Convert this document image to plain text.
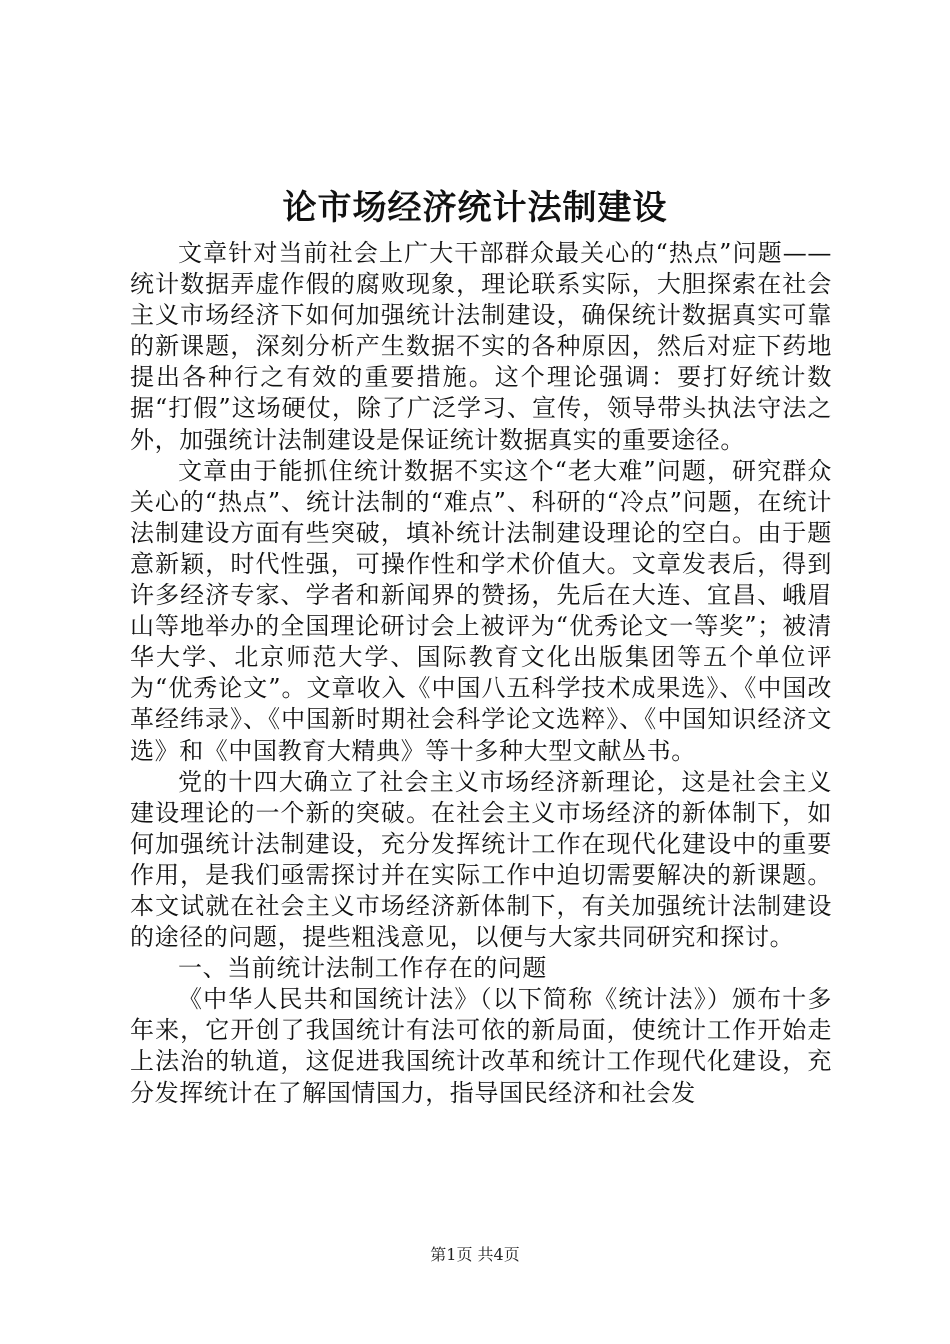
论市场经济统计法制建设

文章针对当前社会上广大干部群众最关心的“热点”问题——统计数据弄虚作假的腐败现象，理论联系实际，大胆探索在社会主义市场经济下如何加强统计法制建设，确保统计数据真实可靠的新课题，深刻分析产生数据不实的各种原因，然后对症下药地提出各种行之有效的重要措施。这个理论强调：要打好统计数据“打假”这场硬仗，除了广泛学习、宣传，领导带头执法守法之外，加强统计法制建设是保证统计数据真实的重要途径。

文章由于能抓住统计数据不实这个“老大难”问题，研究群众关心的“热点”、统计法制的“难点”、科研的“冷点”问题，在统计法制建设方面有些突破，填补统计法制建设理论的空白。由于题意新颖，时代性强，可操作性和学术价值大。文章发表后，得到许多经济专家、学者和新闻界的赞扬，先后在大连、宜昌、峨眉山等地举办的全国理论研讨会上被评为“优秀论文一等奖”；被清华大学、北京师范大学、国际教育文化出版集团等五个单位评为“优秀论文”。文章收入《中国八五科学技术成果选》、《中国改革经纬录》、《中国新时期社会科学论文选粹》、《中国知识经济文选》和《中国教育大精典》等十多种大型文献丛书。

党的十四大确立了社会主义市场经济新理论，这是社会主义建设理论的一个新的突破。在社会主义市场经济的新体制下，如何加强统计法制建设，充分发挥统计工作在现代化建设中的重要作用，是我们亟需探讨并在实际工作中迫切需要解决的新课题。本文试就在社会主义市场经济新体制下，有关加强统计法制建设的途径的问题，提些粗浅意见，以便与大家共同研究和探讨。

一、当前统计法制工作存在的问题

《中华人民共和国统计法》（以下简称《统计法》）颁布十多年来，它开创了我国统计有法可依的新局面，使统计工作开始走上法治的轨道，这促进我国统计改革和统计工作现代化建设，充分发挥统计在了解国情国力，指导国民经济和社会发

第1页 共4页
